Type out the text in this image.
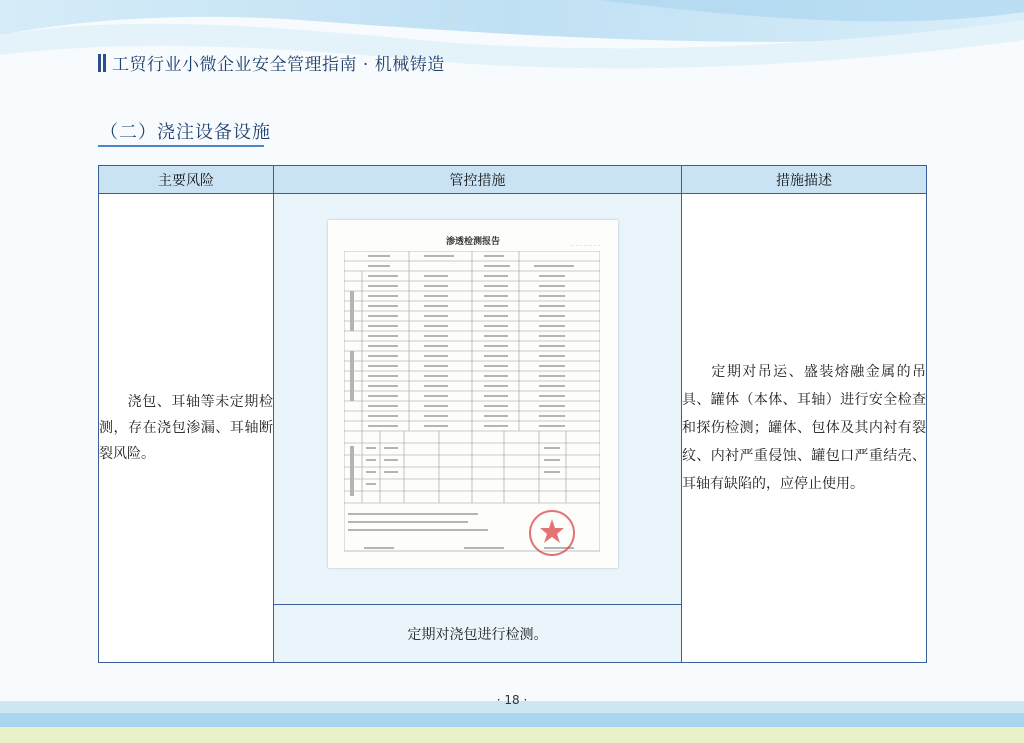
工贸行业小微企业安全管理指南 · 机械铸造
（二）浇注设备设施
主要风险	管控措施	措施描述
浇包、耳轴等未定期检测，存在浇包渗漏、耳轴断裂风险。	渗透检测报告 · · · · · · · · · · · ·	定期对吊运、盛装熔融金属的吊具、罐体（本体、耳轴）进行安全检查和探伤检测；罐体、包体及其内衬有裂纹、内衬严重侵蚀、罐包口严重结壳、耳轴有缺陷的，应停止使用。
	定期对浇包进行检测。	
· 18 ·
